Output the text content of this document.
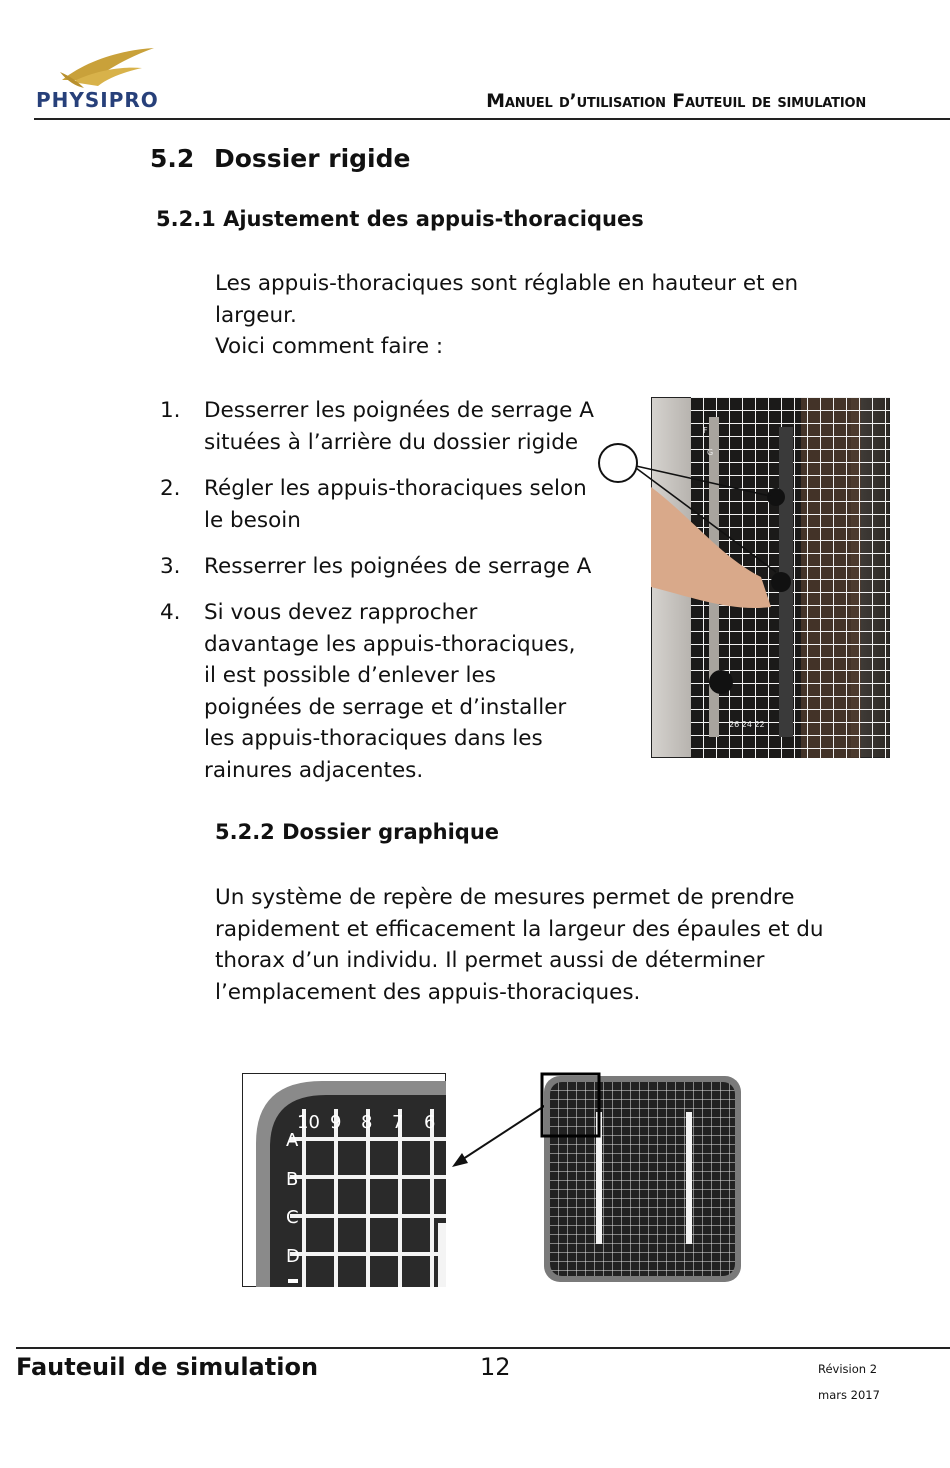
PHYSIPRO	Manuel d’utilisation Fauteuil de simulation
5.2 Dossier rigide
5.2.1 Ajustement des appuis-thoraciques
Les appuis-thoraciques sont réglable en hauteur et en
largeur.
Voici comment faire :
1.	Desserrer les poignées de serrage A
situées à l’arrière du dossier rigide
2.	Régler les appuis-thoraciques selon
le besoin
3.	Resserrer les poignées de serrage A
4.	Si vous devez rapprocher
davantage les appuis-thoraciques,
il est possible d’enlever les
poignées de serrage et d’installer
les appuis-thoraciques dans les
rainures adjacentes.
F
G
26 24 22
5.2.2 Dossier graphique
Un système de repère de mesures permet de prendre
rapidement et efficacement la largeur des épaules et du
thorax d’un individu. Il permet aussi de déterminer
l’emplacement des appuis-thoraciques.
10 9 8 7 6
A
B
C
D
Fauteuil de simulation	12	Révision 2
mars 2017
